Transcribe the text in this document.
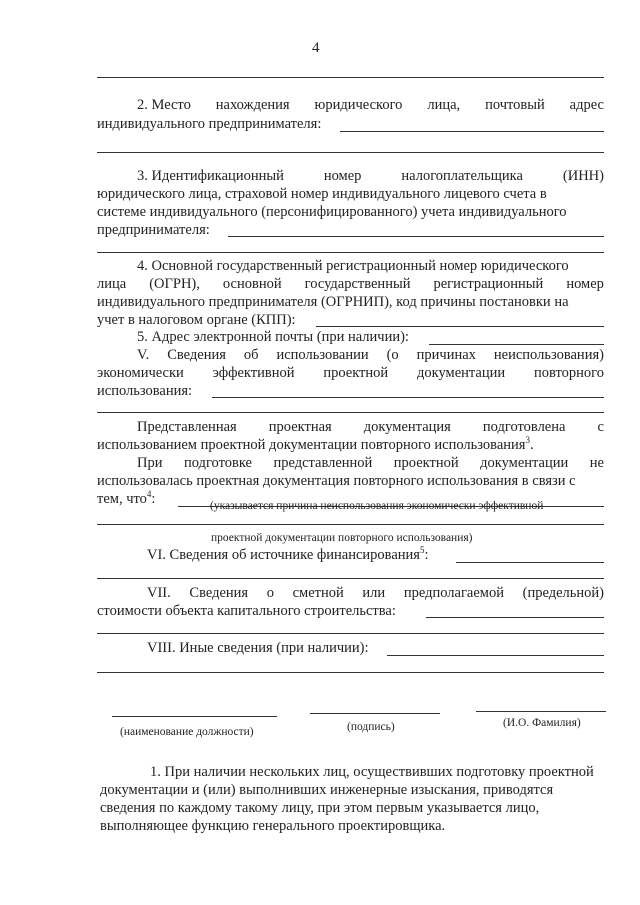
4
2. Место нахождения юридического лица, почтовый адрес
индивидуального предпринимателя:
3. Идентификационный	номер	налогоплательщика	(ИНН)
юридического лица, страховой номер индивидуального лицевого счета в
системе индивидуального (персонифицированного) учета индивидуального
предпринимателя:
4. Основной государственный регистрационный номер юридического
лица (ОГРН), основной государственный регистрационный номер
индивидуального предпринимателя (ОГРНИП), код причины постановки на
учет в налоговом органе (КПП):
5. Адрес электронной почты (при наличии):
V. Сведения об использовании (о причинах неиспользования)
экономически эффективной проектной документации повторного
использования:
Представленная проектная документация подготовлена с
использованием проектной документации повторного использования$^3$.
При подготовке представленной проектной документации не
использовалась проектная документация повторного использования в связи с
тем, что$^4$:	(указывается причина неиспользования экономически эффективной
проектной документации повторного использования)
VI. Сведения об источнике финансирования$^5$:
VII. Сведения о сметной или предполагаемой (предельной)
стоимости объекта капитального строительства:
VIII. Иные сведения (при наличии):
(наименование должности)	(подпись)	(И.О. Фамилия)
1. При наличии нескольких лиц, осуществивших подготовку проектной
документации и (или) выполнивших инженерные изыскания, приводятся
сведения по каждому такому лицу, при этом первым указывается лицо,
выполняющее функцию генерального проектировщика.
